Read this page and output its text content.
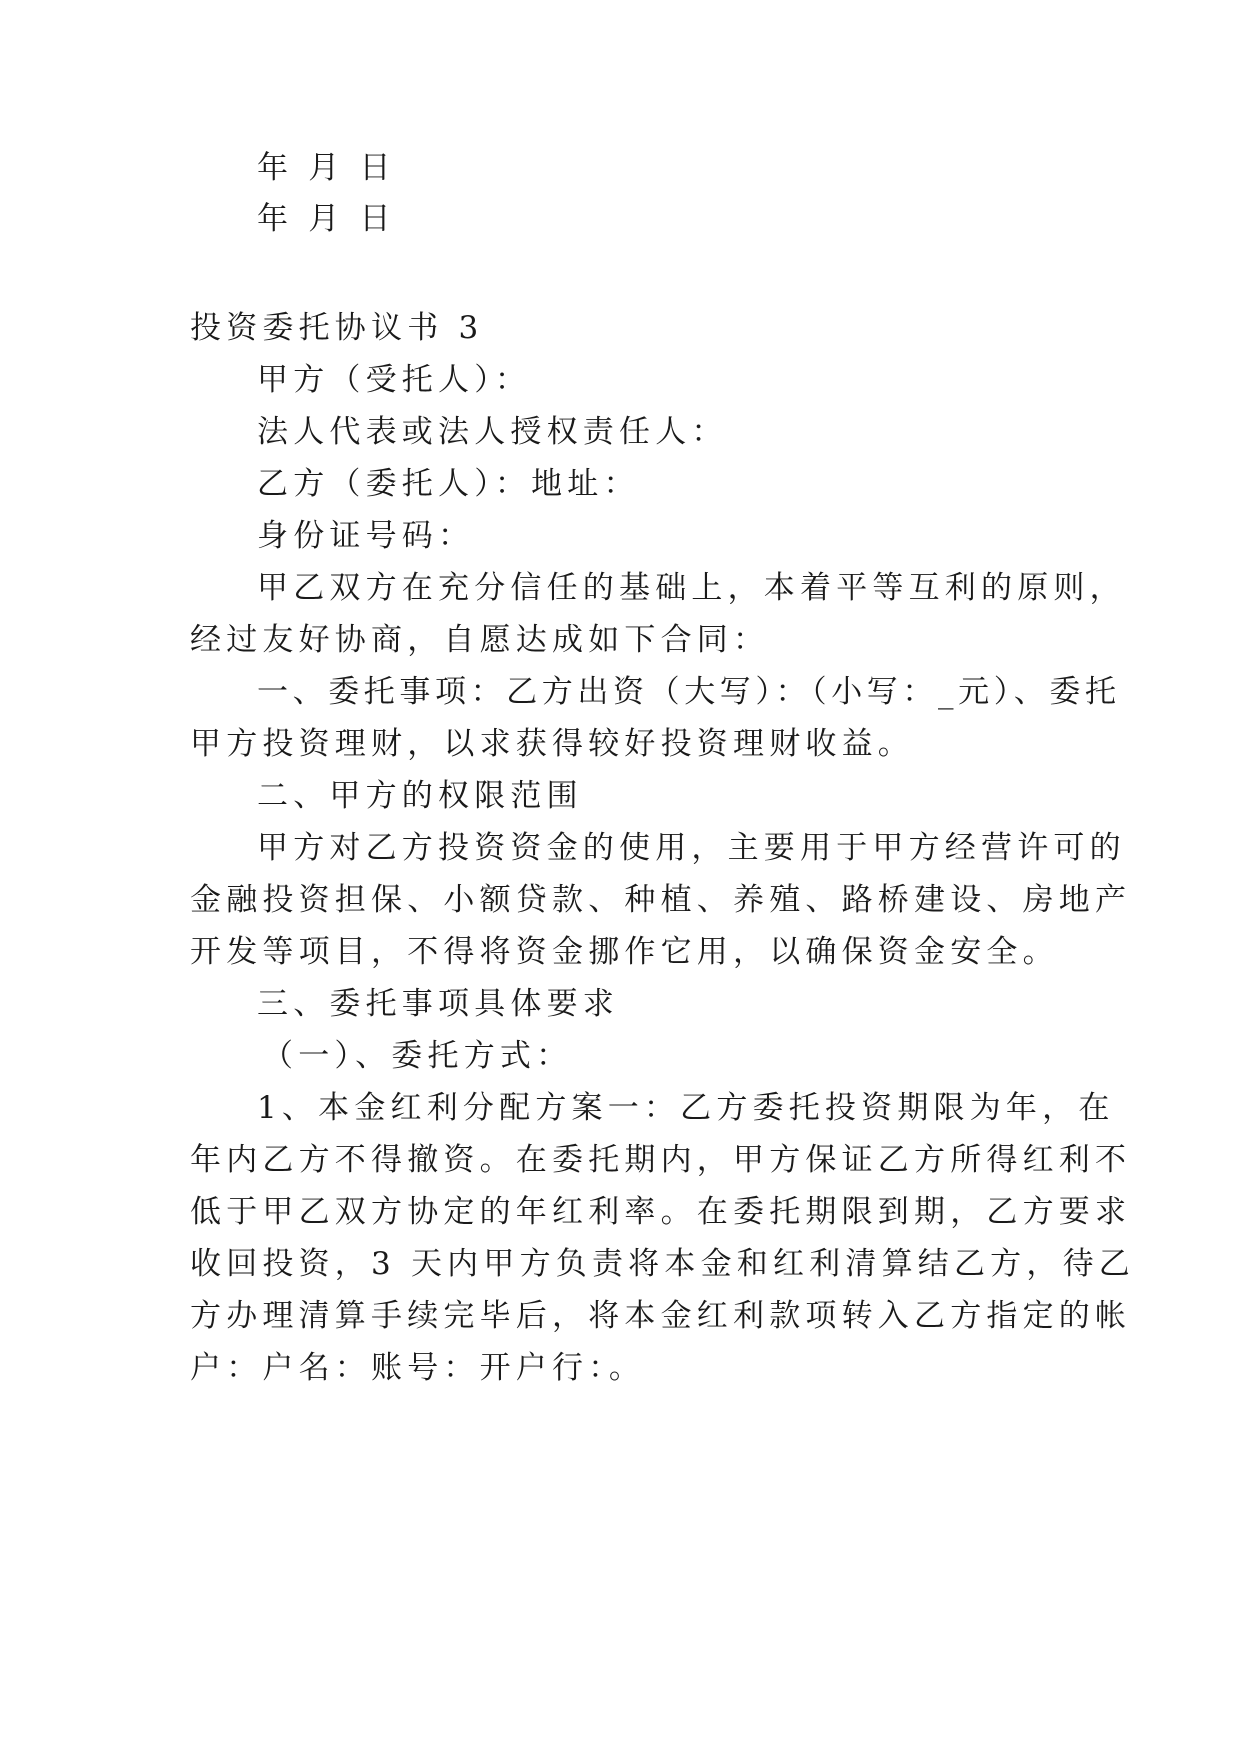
年 月 日
年 月 日
投资委托协议书 3
甲方（受托人）：
法人代表或法人授权责任人：
乙方（委托人）：地址：
身份证号码：
甲乙双方在充分信任的基础上，本着平等互利的原则，
经过友好协商，自愿达成如下合同：
一、委托事项：乙方出资（大写）：（小写：_元）、委托
甲方投资理财，以求获得较好投资理财收益。
二、甲方的权限范围
甲方对乙方投资资金的使用，主要用于甲方经营许可的
金融投资担保、小额贷款、种植、养殖、路桥建设、房地产
开发等项目，不得将资金挪作它用，以确保资金安全。
三、委托事项具体要求
（一）、委托方式：
1、本金红利分配方案一：乙方委托投资期限为年，在
年内乙方不得撤资。在委托期内，甲方保证乙方所得红利不
低于甲乙双方协定的年红利率。在委托期限到期，乙方要求
收回投资，3 天内甲方负责将本金和红利清算结乙方，待乙
方办理清算手续完毕后，将本金红利款项转入乙方指定的帐
户：户名：账号：开户行：。
